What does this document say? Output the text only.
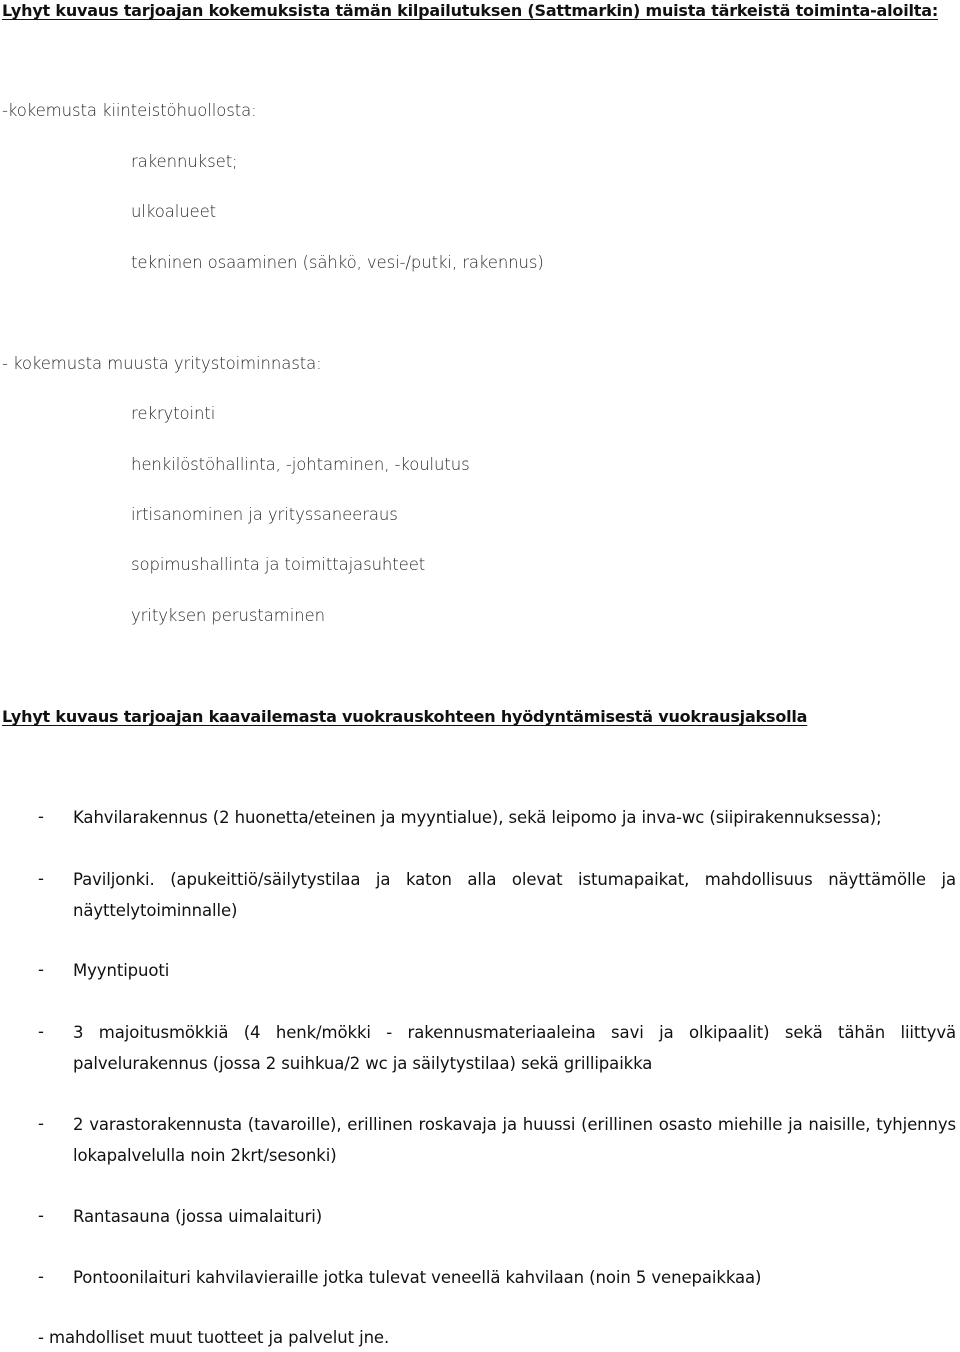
Lyhyt kuvaus tarjoajan kokemuksista tämän kilpailutuksen (Sattmarkin) muista tärkeistä toiminta-aloilta:
-kokemusta kiinteistöhuollosta:
rakennukset;
ulkoalueet
tekninen osaaminen (sähkö, vesi-/putki, rakennus)
- kokemusta muusta yritystoiminnasta:
rekrytointi
henkilöstöhallinta, -johtaminen, -koulutus
irtisanominen ja yrityssaneeraus
sopimushallinta ja toimittajasuhteet
yrityksen perustaminen
Lyhyt kuvaus tarjoajan kaavailemasta vuokrauskohteen hyödyntämisestä vuokrausjaksolla
- Kahvilarakennus (2 huonetta/eteinen ja myyntialue), sekä leipomo ja inva-wc (siipirakennuksessa);
- Paviljonki. (apukeittiö/säilytystilaa ja katon alla olevat istumapaikat, mahdollisuus näyttämölle ja näyttelytoiminnalle)
- Myyntipuoti
- 3 majoitusmökkiä (4 henk/mökki - rakennusmateriaaleina savi ja olkipaalit) sekä tähän liittyvä palvelurakennus (jossa 2 suihkua/2 wc ja säilytystilaa) sekä grillipaikka
- 2 varastorakennusta (tavaroille), erillinen roskavaja ja huussi (erillinen osasto miehille ja naisille, tyhjennys lokapalvelulla noin 2krt/sesonki)
- Rantasauna (jossa uimalaituri)
- Pontoonilaituri kahvilavieraille jotka tulevat veneellä kahvilaan (noin 5 venepaikkaa)
- mahdolliset muut tuotteet ja palvelut jne.
